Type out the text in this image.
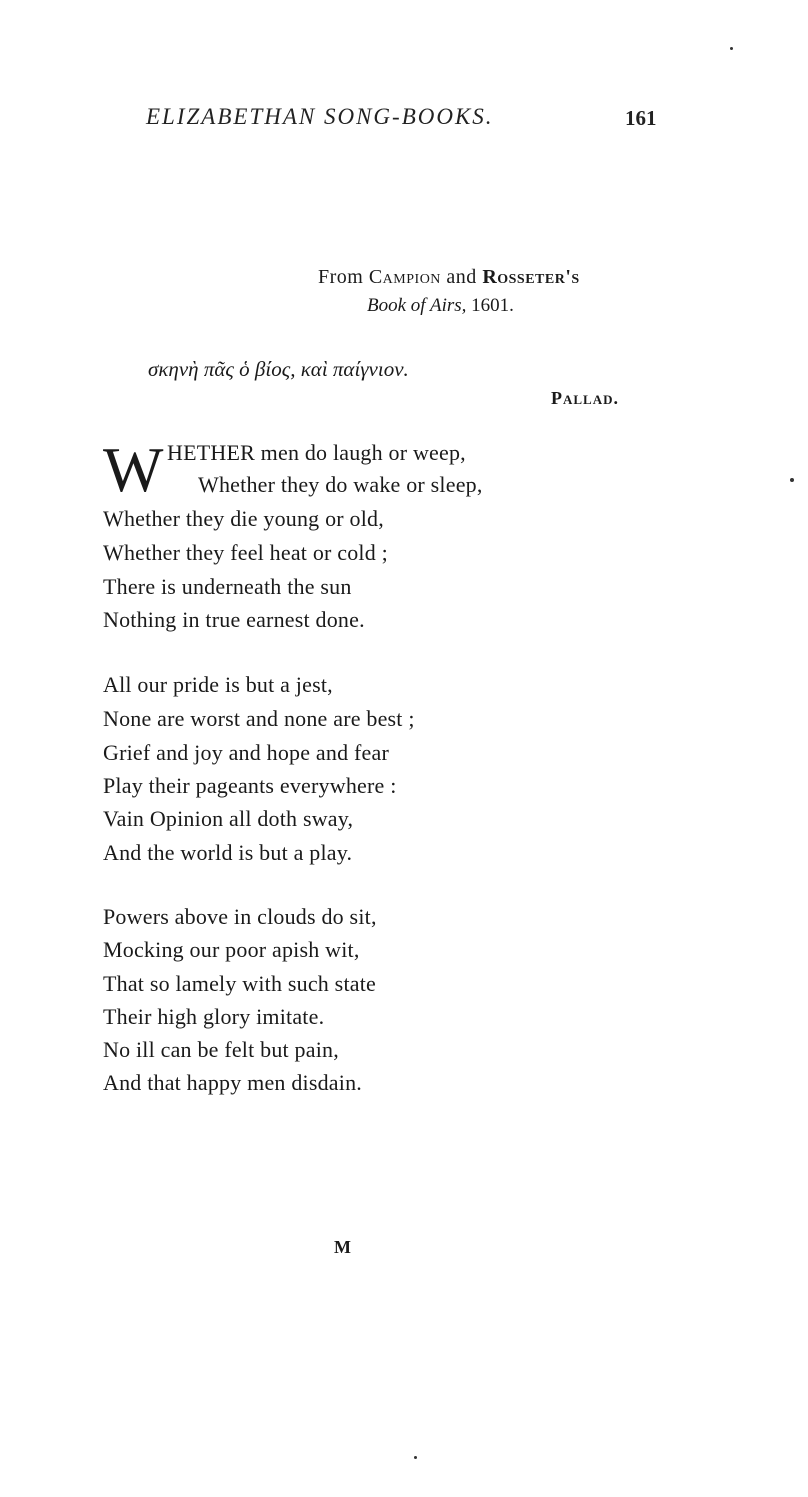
ELIZABETHAN SONG-BOOKS.	161
From Campion and Rosseter's
Book of Airs, 1601.
σκηνὴ πᾶς ὁ βίος, καὶ παίγνιον.
Pallad.
W HETHER men do laugh or weep,
Whether they do wake or sleep,
Whether they die young or old,
Whether they feel heat or cold ;
There is underneath the sun
Nothing in true earnest done.
All our pride is but a jest,
None are worst and none are best ;
Grief and joy and hope and fear
Play their pageants everywhere :
Vain Opinion all doth sway,
And the world is but a play.
Powers above in clouds do sit,
Mocking our poor apish wit,
That so lamely with such state
Their high glory imitate.
No ill can be felt but pain,
And that happy men disdain.
M
